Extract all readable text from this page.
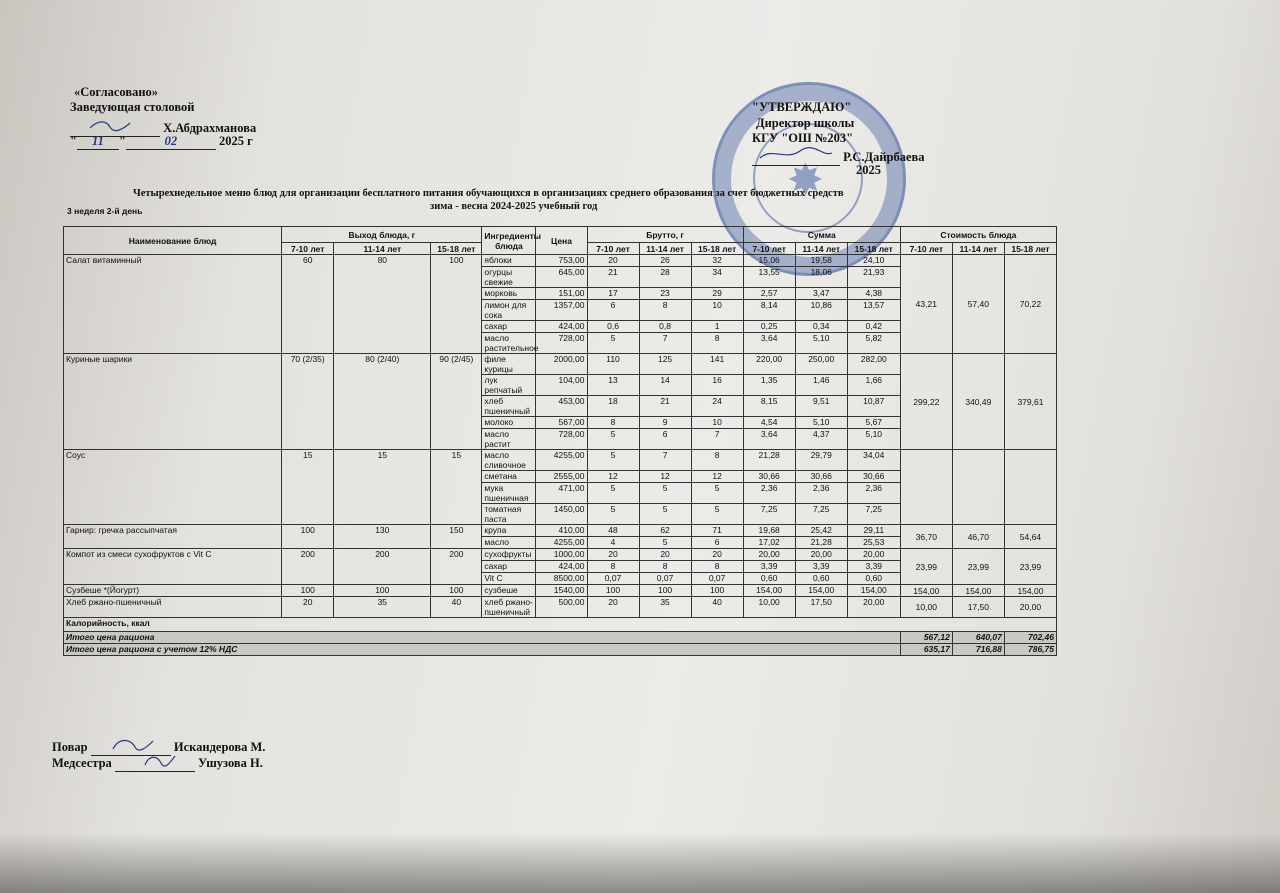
«Согласовано»
Заведующая столовой
Х.Абдрахманова
" 11 "	02	2025 г
✸
"УТВЕРЖДАЮ"
Директор школы
КГУ "ОШ №203"
Р.С.Дайрбаева
2025
Четырехнедельное меню блюд для организации бесплатного питания обучающихся в организациях среднего образования за счет бюджетных средств
зима - весна 2024-2025 учебный год
3 неделя 2-й день
Наименование блюд	Выход блюда, г			Ингредиенты блюда	Цена	Брутто, г			Сумма			Стоимость блюда		
	7-10 лет	11-14 лет	15-18 лет			7-10 лет	11-14 лет	15-18 лет	7-10 лет	11-14 лет	15-18 лет	7-10 лет	11-14 лет	15-18 лет
Салат витаминный	60	80	100	яблоки	753,00	20	26	32	15,06	19,58	24,10	43,21	57,40	70,22
				огурцы свежие	645,00	21	28	34	13,55	18,06	21,93			
				морковь	151,00	17	23	29	2,57	3,47	4,38			
				лимон для сока	1357,00	6	8	10	8,14	10,86	13,57			
				сахар	424,00	0,6	0,8	1	0,25	0,34	0,42			
				масло растительное	728,00	5	7	8	3,64	5,10	5,82			
Куриные шарики	70 (2/35)	80 (2/40)	90 (2/45)	филе курицы	2000,00	110	125	141	220,00	250,00	282,00	299,22	340,49	379,61
				лук репчатый	104,00	13	14	16	1,35	1,46	1,66			
				хлеб пшеничный	453,00	18	21	24	8,15	9,51	10,87			
				молоко	567,00	8	9	10	4,54	5,10	5,67			
				масло растит	728,00	5	6	7	3,64	4,37	5,10			
Соус	15	15	15	масло сливочное	4255,00	5	7	8	21,28	29,79	34,04			
				сметана	2555,00	12	12	12	30,66	30,66	30,66			
				мука пшеничная	471,00	5	5	5	2,36	2,36	2,36			
				томатная паста	1450,00	5	5	5	7,25	7,25	7,25			
Гарнир: гречка рассыпчатая	100	130	150	крупа	410,00	48	62	71	19,68	25,42	29,11	36,70	46,70	54,64
				масло	4255,00	4	5	6	17,02	21,28	25,53			
Компот из смеси сухофруктов с Vit C	200	200	200	сухофрукты	1000,00	20	20	20	20,00	20,00	20,00	23,99	23,99	23,99
				сахар	424,00	8	8	8	3,39	3,39	3,39			
				Vit C	8500,00	0,07	0,07	0,07	0,60	0,60	0,60			
Сузбеше *(Йогурт)	100	100	100	сузбеше	1540,00	100	100	100	154,00	154,00	154,00	154,00	154,00	154,00
Хлеб ржано-пшеничный	20	35	40	хлеб ржано-пшеничный	500,00	20	35	40	10,00	17,50	20,00	10,00	17,50	20,00
Калорийность, ккал														
Итого цена рациона												567,12	640,07	702,46
Итого цена рациона с учетом 12% НДС												635,17	716,88	786,75
Повар	Искандерова М.
Медсестра	Ушузова Н.
